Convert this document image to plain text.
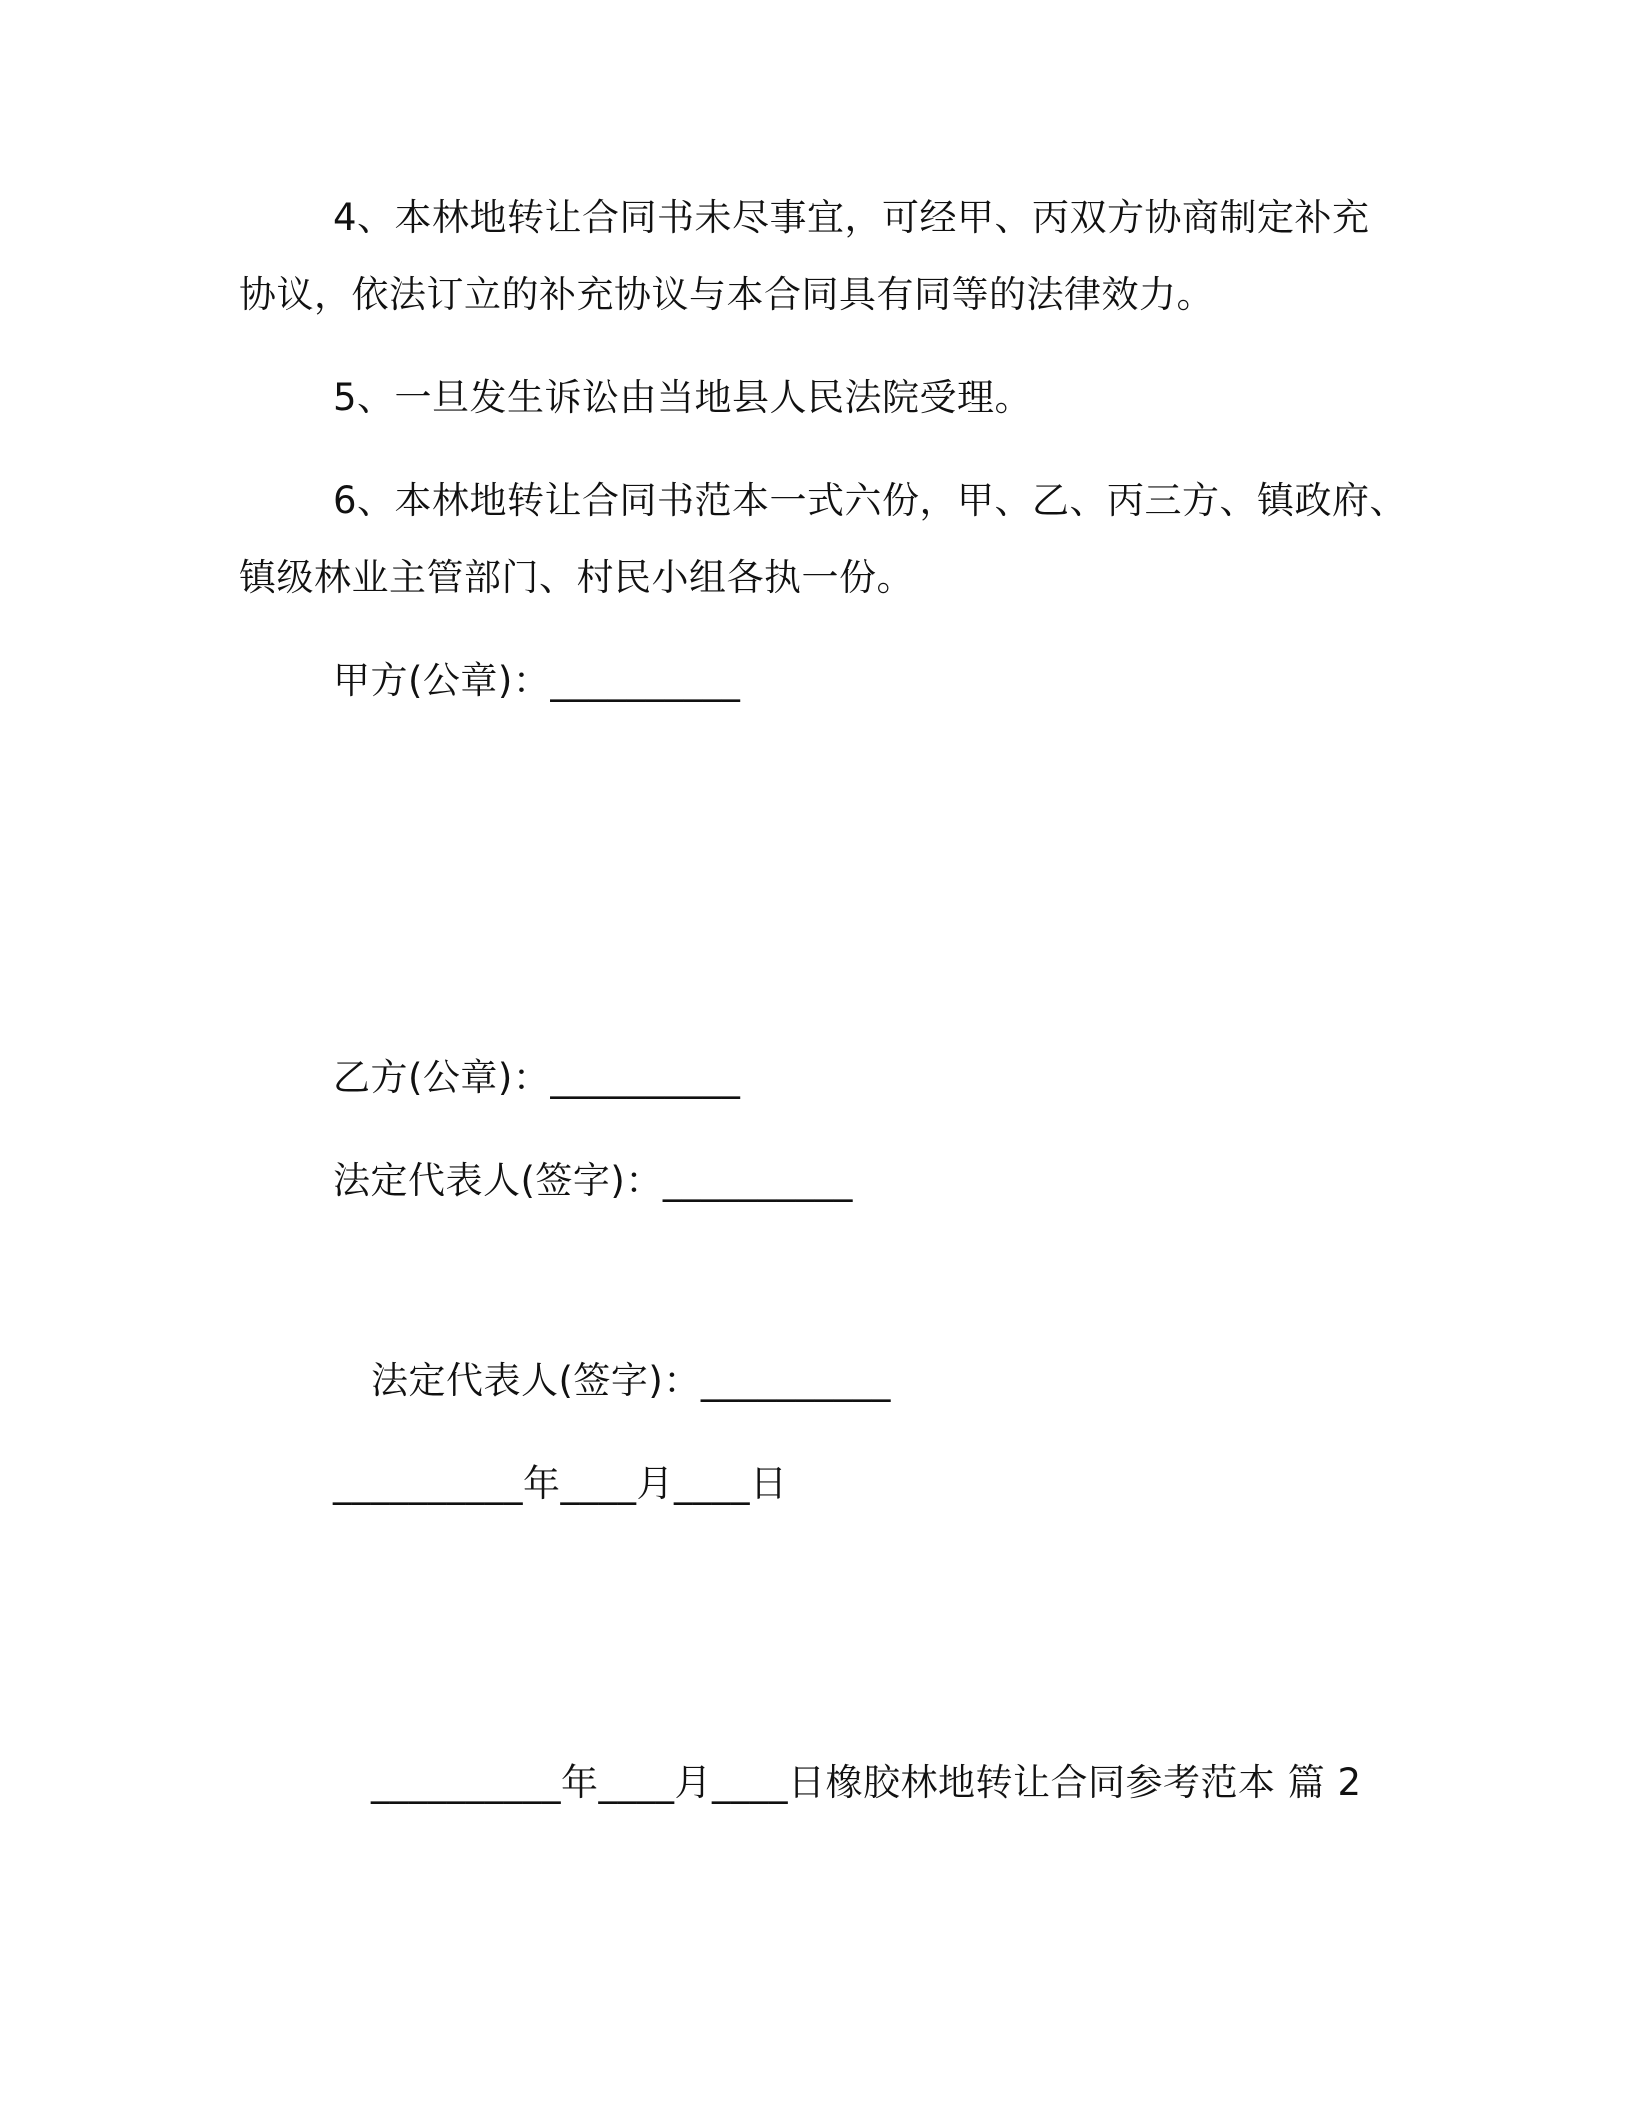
4、本林地转让合同书未尽事宜，可经甲、丙双方协商制定补充
协议，依法订立的补充协议与本合同具有同等的法律效力。
5、一旦发生诉讼由当地县人民法院受理。
6、本林地转让合同书范本一式六份，甲、乙、丙三方、镇政府、
镇级林业主管部门、村民小组各执一份。
甲方(公章)：__________
乙方(公章)：__________
法定代表人(签字)：__________
法定代表人(签字)：__________
__________年____月____日
__________年____月____日橡胶林地转让合同参考范本 篇 2
